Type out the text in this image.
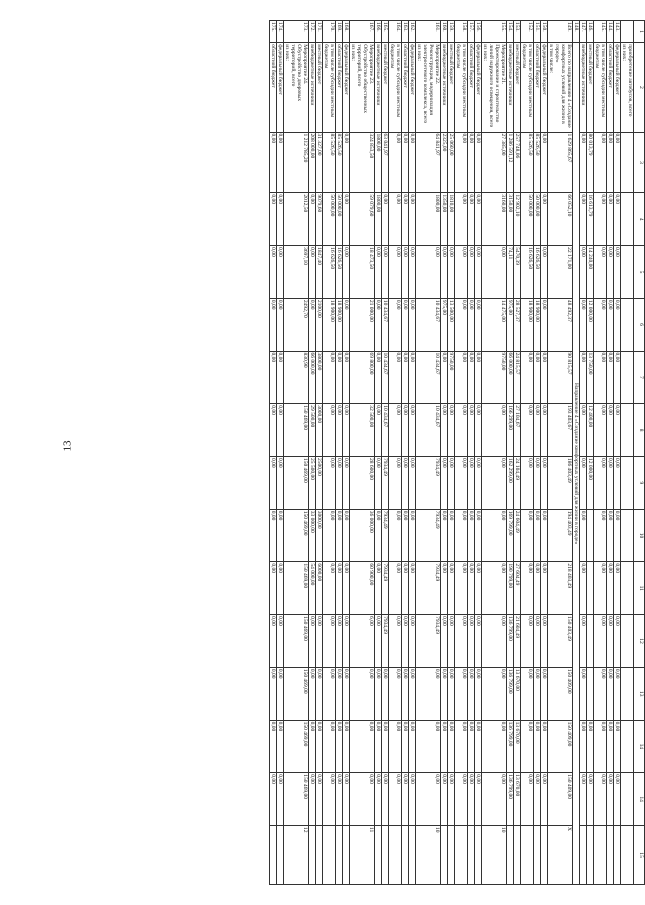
13
1	2	3	4	5	6	7	8	9	10	11	12	13	14	14	15
	приобретение автобусов, всего
из них:														
143.	федеральный бюджет	0,00	0,00	0,00	0,00	0,00	0,00	0,00	0,00	0,00	0,00	0,00	0,00	0,00	
144.	областной бюджет	0,00	0,00	0,00	0,00	0,00	0,00	0,00	0,00	0,00	0,00	0,00	0,00	0,00	
145.	в том числе субсидии местным бюджетам	0,00	0,00	0,00	0,00	0,00	0,00	0,00	0,00	0,00	0,00	0,00	0,00	0,00	
146.	местный бюджет	80 013,79	16 613,79	14 240,00	12 000,00	13 750,00	12 400,00	12 000,00					0,00	0,00	
147.	внебюджетные источники	0,00	0,00	0,00	0,00	0,00	0,00	0,00	0,00	0,00	0,00	0,00	0,00	0,00	
148.	Направление 4 «Создание комфортных условий для жизни в городе»														
149.	Всего по направлению 4 «Создание комфортных условий для жизни в городе»
в том числе:	1 629 865,67	66 052,10	22 171,00	48 492,37	90 815,57	193 403,67	186 403,49	194 403,49	218 403,49	150 403,49	150 409,00	150 409,00	150 409,00	X
150.	федеральный бюджет	0,00	0,00	0,00	0,00	0,00	0,00	0,00	0,00	0,00	0,00	0,00	0,00	0,00	
151.	областной бюджет	85 526,50	50 000,00	16 626,50	18 900,00	0,00	0,00	0,00	0,00	0,00	0,00	0,00	0,00	0,00	
152.	в том числе субсидии местным бюджетам	85 526,50	50 000,00	16 626,50	18 900,00	0,00	0,00	0,00	0,00	0,00	0,00	0,00	0,00	0,00	
153.	местный бюджет	257 748,06	12 902,10	5470,39	28 527,37	24 815,57	27 104,67	24 104,49	24 604,49	27 604,49	21 604,49	13 670,00	13 670,00	13 670,00	
154.	внебюджетные источники	1 286 591,12	3150,00	74,11	975,00	66 000,00	166 299,00	162 299,00	169 799,00	190 799,00	136 799,00	136 799,00	136 799,00	136 799,00	
155.	Мероприятие 21.
Проектирование и строительство линий наружного освещения, всего
из них:	27 385,00	3160,00	0,00	14 475,00	9750,00	0,00	0,00	0,00	0,00	0,00	0,00	0,00	0,00	10
156.	федеральный бюджет	0,00	0,00	0,00	0,00	0,00	0,00	0,00	0,00	0,00	0,00	0,00	0,00	0,00	
157.	областной бюджет	0,00	0,00	0,00	0,00	0,00	0,00	0,00	0,00	0,00	0,00	0,00	0,00	0,00	
158.	в том числе субсидии местным бюджетам	0,00	0,00	0,00	0,00	0,00	0,00	0,00	0,00	0,00	0,00	0,00	0,00	0,00	
159.	местный бюджет	25 060,00	1810,00	0,00	13 500,00	9750,00	0,00	0,00	0,00	0,00	0,00	0,00	0,00	0,00	
160.	внебюджетные источники	2325,00	1350,00	0,00	975,00	0,00	0,00	0,00	0,00	0,00	0,00	0,00	0,00	0,00	
161.	Мероприятие 22.
Реконструкция, модернизация электросетевого комплекса, всего
из них:	64 841,97	1800,00	0,00	10 434,67	10 434,67	10 434,67	7934,49	7934,49	7934,49	7934,49	0,00	0,00	0,00	10
162.	федеральный бюджет	0,00	0,00	0,00	0,00	0,00	0,00	0,00	0,00	0,00	0,00	0,00	0,00	0,00	
163.	областной бюджет	0,00	0,00	0,00	0,00	0,00	0,00	0,00	0,00	0,00	0,00	0,00	0,00	0,00	
164.	в том числе субсидии местным бюджетам	0,00	0,00	0,00	0,00	0,00	0,00	0,00	0,00	0,00	0,00	0,00	0,00	0,00	
165.	местный бюджет	63 041,97	0,00	0,00	10 434,67	10 434,67	10 434,67	7934,49	7934,49	7934,49	7934,49	0,00	0,00	0,00	
166.	внебюджетные источники	1800,00	1800,00	0,00	0,00	0,00	0,00	0,00	0,00	0,00	0,00	0,00	0,00	0,00	
167.	Мероприятие 23.
Обустройство общественных территорий, всего
из них:	324 853,50	59 079,60	18 473,50	21 000,00	69 800,00	32 500,00	28 600,00	36 000,00	60 900,00	6,00	0,00	0,00	0,00	11
168.	федеральный бюджет	0,00	0,00	0,00	0,00	0,00	0,00	0,00	0,00	0,00	0,00	0,00	0,00	0,00	
169.	областной бюджет	85 526,50	50 000,00	16 626,50	18 900,00	0,00	0,00	0,00	0,00	0,00	0,00	0,00	0,00	0,00	
170.	в том числе субсидии местным бюджетам	85 526,50	50 000,00	16 626,50	18 900,00	0,00	0,00	0,00	0,00	0,00	0,00	0,00	0,00	0,00	
171.	местный бюджет	31 327,00	9079,60	1847,40	2100,00	3800,00	3000,00	2500,00	3000,00	6000,00	0,00	0,00	0,00	0,00	
172.	внебюджетные источники	208 000,00	0,00	0,00	0,00	66 000,00	29 500,00	25 500,00	33 000,00	54 000,00	0,00	0,00	0,00	0,00	
173.	Мероприятие 24.
Обустройство дворовых территорий, всего
из них:	1 212 785,20	2012,50	3697,10	2492,70	830,90	150 469,00	150 469,00	150 469,00	150 469,00	150 469,00	150 469,00	150 469,00	150 469,00	12
174.	федеральный бюджет	0,00	0,00	0,00	0,00	0,00	0,00	0,00	0,00	0,00	0,00	0,00	0,00	0,00	
175.	областной бюджет	0,00	0,00	0,00	0,00	0,00	0,00	0,00	0,00	0,00	0,00	0,00	0,00	0,00	
